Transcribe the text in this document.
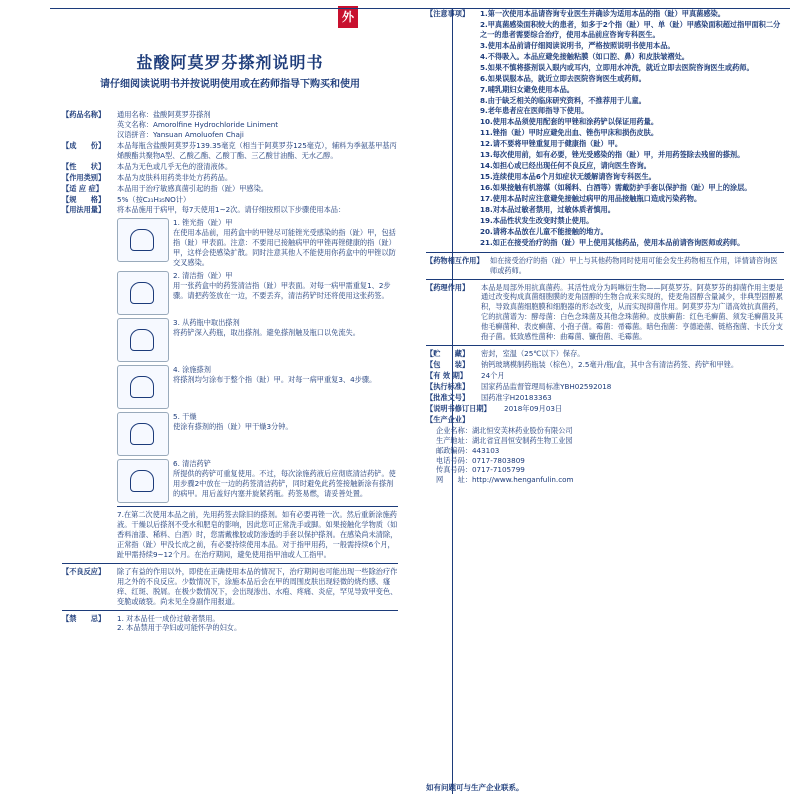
外
盐酸阿莫罗芬搽剂说明书
请仔细阅读说明书并按说明使用或在药师指导下购买和使用
【 药品名称 】	通用名称：盐酸阿莫罗芬搽剂
英文名称：Amorolfine Hydrochloride Liniment
汉语拼音：Yansuan Amoluofen Chaji
【 成　　份 】	本品每瓶含盐酸阿莫罗芬139.35毫克（相当于阿莫罗芬125毫克），辅料为季氨基甲基丙烯酸酯共聚物A型、乙酸乙酯、乙酸丁酯、三乙酸甘油酯、无水乙醇。
【 性　　状 】	本品为无色或几乎无色的澄清液体。
【 作用类别 】	本品为皮肤科用药类非处方药药品。
【 适 应 症 】	本品用于治疗敏感真菌引起的指（趾）甲感染。
【 规　　格 】	5%（按C₂₁H₃₅NO计）
【 用法用量 】	将本品施用于病甲，每7天使用1~2次。请仔细按照以下步骤使用本品：
1. 锉光指（趾）甲
在使用本品前，用药盒中的甲锉尽可能锉光受感染的指（趾）甲，包括指（趾）甲表面。注意：不要用已接触病甲的甲锉再锉健康的指（趾）甲，这样会使感染扩散。同时注意其他人不能使用你药盒中的甲锉以防交叉感染。
2. 清洁指（趾）甲
用一张药盒中的药签清洁指（趾）甲表面。对每一病甲需重复1、2步骤。请把药签放在一边，不要丢弃，清洁药铲时还将使用这张药签。
3. 从药瓶中取出搽剂
将药铲深入药瓶，取出搽剂。避免搽剂触及瓶口以免流失。
4. 涂施搽剂
将搽剂均匀涂布于整个指（趾）甲。对每一病甲重复3、4步骤。
5. 干燥
使涂有搽剂的指（趾）甲干燥3分钟。
6. 清洁药铲
所提供的药铲可重复使用。不过，每次涂施药液后应彻底清洁药铲。使用步骤2中放在一边的药签清洁药铲，同时避免此药签接触新涂有搽剂的病甲。用后盖好内塞并旋紧药瓶。药签易燃，请妥善处置。
7.在第二次使用本品之前，先用药签去除旧的搽剂。如有必要再锉一次。然后重新涂施药液。干燥以后搽剂不受水和肥皂的影响，因此您可正常洗手或脚。如果接触化学物质（如香料油漆、稀料、白酒）时，您需戴橡胶或防渗透的手套以保护搽剂。在感染尚未清除，正常指（趾）甲没长成之前，有必要持续使用本品。对于指甲用药，一般需持续6个月，趾甲需持续9~12个月。在治疗期间，避免使用指甲油或人工指甲。
【 不良反应 】	除了有益的作用以外，即使在正确使用本品的情况下，治疗期间也可能出现一些除治疗作用之外的不良反应。少数情况下，涂施本品后会在甲的周围皮肤出现轻微的烧灼感、瘙痒、红斑、脱屑。在极少数情况下，会出现渗出、水疱、疼痛、炎症，罕见导致甲变色、变脆或破裂。尚未见全身副作用报道。
【 禁　　忌 】	1. 对本品任一成份过敏者禁用。
2. 本品禁用于孕妇或可能怀孕的妇女。
【 注意事项 】	1.第一次使用本品请咨询专业医生并确诊为适用本品的指（趾）甲真菌感染。
2.甲真菌感染面积较大的患者，如多于2个指（趾）甲、单（趾）甲感染面积超过指甲面积二分之一的患者需要综合治疗，使用本品前应咨询专科医生。
3.使用本品前请仔细阅读说明书，严格按照说明书使用本品。
4.不得吸入。本品应避免接触粘膜（如口腔、鼻）和皮肤皱褶处。
5.如果不慎将搽剂误入眼内或耳内，立即用水冲洗，就近立即去医院咨询医生或药师。
6.如果误服本品，就近立即去医院咨询医生或药师。
7.哺乳期妇女避免使用本品。
8.由于缺乏相关的临床研究资料，不推荐用于儿童。
9.老年患者应在医师指导下使用。
10.使用本品须使用配套的甲锉和涂药铲以保证用药量。
11.锉指（趾）甲时应避免出血、锉伤甲床和损伤皮肤。
12.请不要将甲锉重复用于健康指（趾）甲。
13.每次使用前，如有必要，锉光受感染的指（趾）甲，并用药签除去残留的搽剂。
14.如担心或已经出现任何不良反应，请向医生咨询。
15.连续使用本品6个月如症状无缓解请咨询专科医生。
16.如果接触有机溶媒（如稀料、白酒等）需戴防护手套以保护指（趾）甲上的涂层。
17.使用本品时应注意避免接触过病甲的用品接触瓶口造成污染药物。
18.对本品过敏者禁用，过敏体质者慎用。
19.本品性状发生改变时禁止使用。
20.请将本品放在儿童不能接触的地方。
21.如正在接受治疗的指（趾）甲上使用其他药品，使用本品前请咨询医师或药师。
【 药物相互作用 】	如在接受治疗的指（趾）甲上与其他药物同时使用可能会发生药物相互作用，详情请咨询医师或药师。
【 药理作用 】	本品是局部外用抗真菌药。其活性成分为吗啉衍生物——阿莫罗芬。阿莫罗芬的抑菌作用主要是通过改变构成真菌细胞膜的麦角固醇的生物合成来实现的，使麦角固醇含量减少，非典型固醇累积，导致真菌细胞膜和细胞器的形态改变，从而实现抑菌作用。阿莫罗芬为广谱高效抗真菌药，它的抗菌谱为：酵母菌：白色念珠菌及其他念珠菌种。皮肤癣菌：红色毛癣菌、须发毛癣菌及其他毛癣菌种、表皮癣菌、小孢子菌。霉菌：帚霉菌。暗色孢菌：亨德逊菌、链格孢菌、卡氏分支孢子菌。低致感性菌种：曲霉菌、镰孢菌、毛霉菌。
【 贮　　藏 】	密封，室温（25℃以下）保存。
【 包　　装 】	钠钙玻璃模制药瓶装（棕色），2.5毫升/瓶/盒，其中含有清洁药签、药铲和甲锉。
【 有 效 期 】	24个月
【 执行标准 】	国家药品监督管理局标准YBH02592018
【 批准文号 】	国药准字H20183363
【 说明书修订日期 】	2018年09月03日
【 生产企业 】
企业名称：湖北恒安芙林药业股份有限公司
生产地址：湖北省宜昌恒安制药生物工业园
邮政编码：443103
电话号码：0717-7803809
传真号码：0717-7105799
网　　址：http://www.henganfulin.com
如有问题可与生产企业联系。
